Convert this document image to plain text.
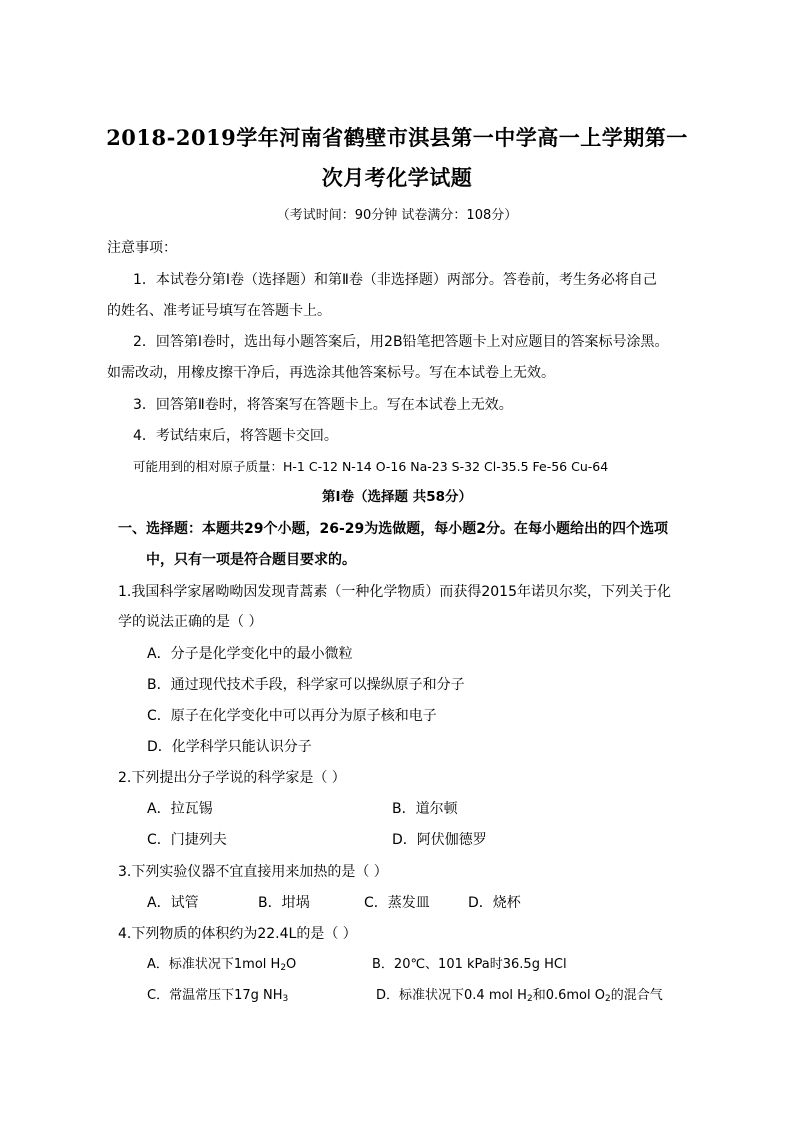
2018-2019学年河南省鹤壁市淇县第一中学高一上学期第一
次月考化学试题
（考试时间：90分钟 试卷满分：108分）
注意事项：
1．本试卷分第Ⅰ卷（选择题）和第Ⅱ卷（非选择题）两部分。答卷前，考生务必将自己
的姓名、准考证号填写在答题卡上。
2．回答第Ⅰ卷时，选出每小题答案后，用2B铅笔把答题卡上对应题目的答案标号涂黑。
如需改动，用橡皮擦干净后，再选涂其他答案标号。写在本试卷上无效。
3．回答第Ⅱ卷时，将答案写在答题卡上。写在本试卷上无效。
4．考试结束后，将答题卡交回。
可能用到的相对原子质量：H-1 C-12 N-14 O-16 Na-23 S-32 Cl-35.5 Fe-56 Cu-64
第Ⅰ卷（选择题 共58分）
一、选择题：本题共29个小题，26-29为选做题，每小题2分。在每小题给出的四个选项
中，只有一项是符合题目要求的。
1.我国科学家屠呦呦因发现青蒿素（一种化学物质）而获得2015年诺贝尔奖，下列关于化
学的说法正确的是（ ）
A．分子是化学变化中的最小微粒
B．通过现代技术手段，科学家可以操纵原子和分子
C．原子在化学变化中可以再分为原子核和电子
D．化学科学只能认识分子
2.下列提出分子学说的科学家是（ ）
A．拉瓦锡	B．道尔顿
C．门捷列夫	D．阿伏伽德罗
3.下列实验仪器不宜直接用来加热的是（ ）
A．试管	B．坩埚	C．蒸发皿	D．烧杯
4.下列物质的体积约为22.4L的是（ ）
A．标准状况下1mol $H_2O$	B．20℃、101 kPa时36.5g HCl
C．常温常压下17g $NH_3$	D．标准状况下0.4 mol $H_2$和0.6mol $O_2$的混合气
